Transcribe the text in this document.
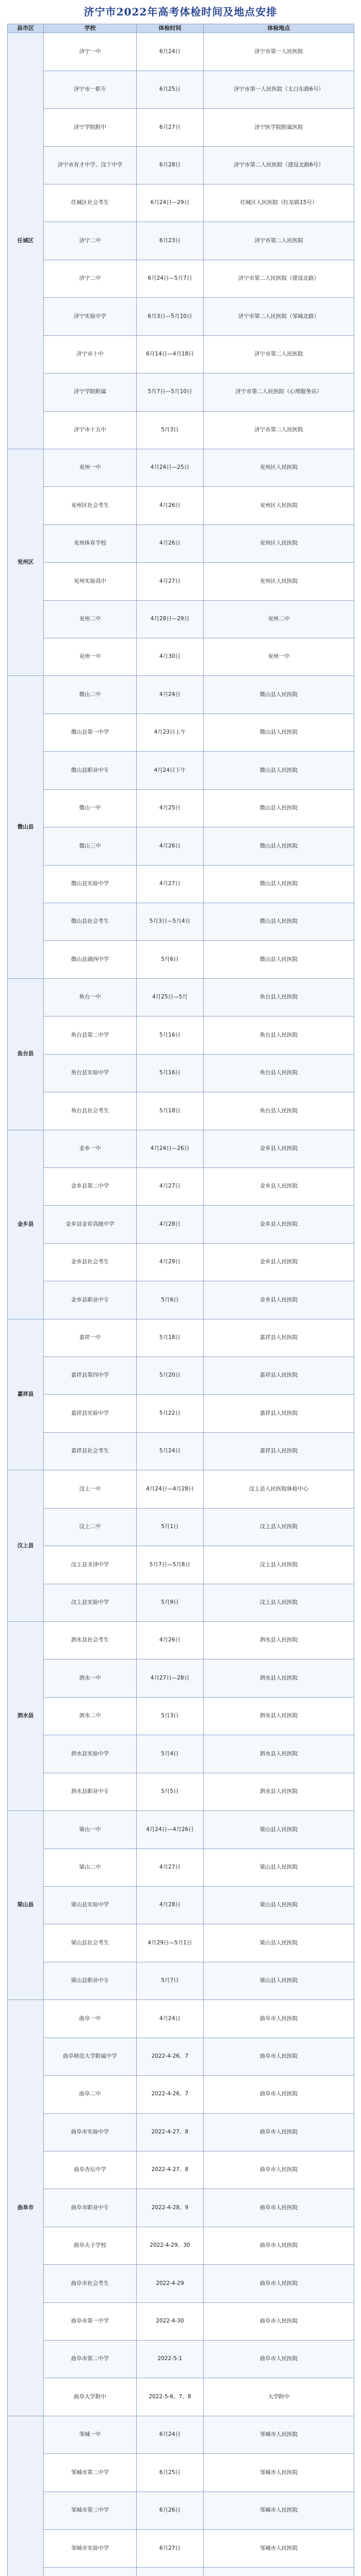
济宁市2022年高考体检时间及地点安排
县市区	学校	体检时间	体检地点
任城区	济宁一中	6月24日	济宁市第一人民医院
	济宁市一职专	6月25日	济宁市第一人民医院（太白东路6号）
	济宁学院附中	6月27日	济宁医学院附属医院
	济宁市育才中学、汶干中学	6月28日	济宁市第二人民医院（建设北路6号）
	任城区社会考生	6月24日—29日	任城区人民医院（红星路15号）
	济宁二中	6月23日	济宁市第二人民医院
	济宁二中	6月24日—5月7日	济宁市第二人民医院（建设北路）
	济宁实验中学	6月3日—5月10日	济宁市第二人民医院（邹城北路）
	济宁市十中	6月14日—4月18日	济宁市第二人民医院
	济宁学院附属	5月7日—5月10日	济宁市第二人民医院（心理服务站）
	济宁市十五中	5月3日	济宁市第二人民医院
兖州区	兖州一中	4月24日—25日	兖州区人民医院
	兖州区社会考生	4月26日	兖州区人民医院
	兖州体育学校	4月26日	兖州区人民医院
	兖州实验高中	4月27日	兖州区人民医院
	兖州二中	4月28日—29日	兖州二中
	兖州一中	4月30日	兖州一中
微山县	微山二中	4月24日	微山县人民医院
	微山县第一中学	4月23日上午	微山县人民医院
	微山县职业中专	4月24日下午	微山县人民医院
	微山一中	4月25日	微山县人民医院
	微山三中	4月26日	微山县人民医院
	微山县实验中学	4月27日	微山县人民医院
	微山县社会考生	5月3日—5月4日	微山县人民医院
	微山县湖西中学	5月6日	微山县人民医院
鱼台县	鱼台一中	4月25日—5月	鱼台县人民医院
	鱼台县第二中学	5月16日	鱼台县人民医院
	鱼台县实验中学	5月16日	鱼台县人民医院
	鱼台县社会考生	5月18日	鱼台县人民医院
金乡县	金乡一中	4月24日—26日	金乡县人民医院
	金乡县第二中学	4月27日	金乡县人民医院
	金乡县金育高级中学	4月28日	金乡县人民医院
	金乡县社会考生	4月29日	金乡县人民医院
	金乡县职业中专	5月6日	金乡县人民医院
嘉祥县	嘉祥一中	5月18日	嘉祥县人民医院
	嘉祥县第四中学	5月20日	嘉祥县人民医院
	嘉祥县实验中学	5月22日	嘉祥县人民医院
	嘉祥县社会考生	5月24日	嘉祥县人民医院
汶上县	汶上一中	4月24日—4月28日	汶上县人民医院体检中心
	汶上二中	5月1日	汶上县人民医院
	汶上县圣泽中学	5月7日—5月8日	汶上县人民医院
	汶上县实验中学	5月9日	汶上县人民医院
泗水县	泗水县社会考生	4月26日	泗水县人民医院
	泗水一中	4月27日—28日	泗水县人民医院
	泗水二中	5月3日	泗水县人民医院
	泗水县实验中学	5月4日	泗水县人民医院
	泗水县职业中专	5月5日	泗水县人民医院
梁山县	梁山一中	4月24日—4月26日	梁山县人民医院
	梁山二中	4月27日	梁山县人民医院
	梁山县实验中学	4月28日	梁山县人民医院
	梁山县社会考生	4月29日—5月1日	梁山县人民医院
	梁山县职业中专	5月7日	梁山县人民医院
曲阜市	曲阜一中	4月24日	曲阜市人民医院
	曲阜师范大学附属中学	2022-4-26、7	曲阜市人民医院
	曲阜二中	2022-4-26、7	曲阜市人民医院
	曲阜市实验中学	2022-4-27、8	曲阜市人民医院
	曲阜杏坛中学	2022-4-27、8	曲阜市人民医院
	曲阜市职业中专	2022-4-28、9	曲阜市人民医院
	曲阜夫子学校	2022-4-29、30	曲阜市人民医院
	曲阜市社会考生	2022-4-29	曲阜市人民医院
	曲阜市第一中学	2022-4-30	曲阜市人民医院
	曲阜市第二中学	2022-5-1	曲阜市人民医院
	曲阜大学附中	2022-5-6、7、8	大学附中
	邹城一中	6月24日	邹城市人民医院
	邹城市第二中学	6月25日	邹城市人民医院
	邹城市第三中学	6月26日	邹城市人民医院
	邹城市实验中学	6月27日	邹城市人民医院
